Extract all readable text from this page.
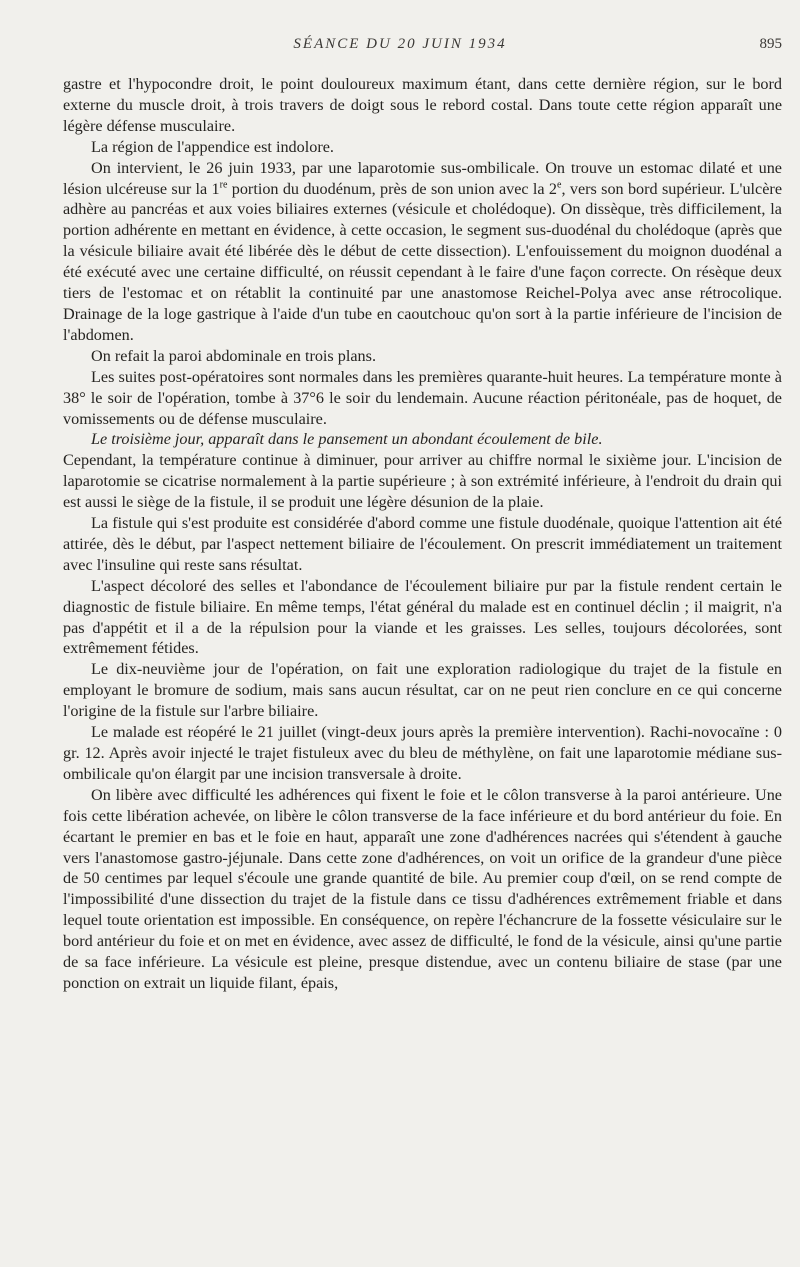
SÉANCE DU 20 JUIN 1934	895

gastre et l'hypocondre droit, le point douloureux maximum étant, dans cette dernière région, sur le bord externe du muscle droit, à trois travers de doigt sous le rebord costal. Dans toute cette région apparaît une légère défense musculaire.

La région de l'appendice est indolore.

On intervient, le 26 juin 1933, par une laparotomie sus-ombilicale. On trouve un estomac dilaté et une lésion ulcéreuse sur la 1re portion du duodénum, près de son union avec la 2e, vers son bord supérieur. L'ulcère adhère au pancréas et aux voies biliaires externes (vésicule et cholédoque). On dissèque, très difficilement, la portion adhérente en mettant en évidence, à cette occasion, le segment sus-duodénal du cholédoque (après que la vésicule biliaire avait été libérée dès le début de cette dissection). L'enfouissement du moignon duodénal a été exécuté avec une certaine difficulté, on réussit cependant à le faire d'une façon correcte. On résèque deux tiers de l'estomac et on rétablit la continuité par une anastomose Reichel-Polya avec anse rétrocolique. Drainage de la loge gastrique à l'aide d'un tube en caoutchouc qu'on sort à la partie inférieure de l'incision de l'abdomen.

On refait la paroi abdominale en trois plans.

Les suites post-opératoires sont normales dans les premières quarante-huit heures. La température monte à 38° le soir de l'opération, tombe à 37°6 le soir du lendemain. Aucune réaction péritonéale, pas de hoquet, de vomissements ou de défense musculaire.

Le troisième jour, apparaît dans le pansement un abondant écoulement de bile.

Cependant, la température continue à diminuer, pour arriver au chiffre normal le sixième jour. L'incision de laparotomie se cicatrise normalement à la partie supérieure ; à son extrémité inférieure, à l'endroit du drain qui est aussi le siège de la fistule, il se produit une légère désunion de la plaie.

La fistule qui s'est produite est considérée d'abord comme une fistule duodénale, quoique l'attention ait été attirée, dès le début, par l'aspect nettement biliaire de l'écoulement. On prescrit immédiatement un traitement avec l'insuline qui reste sans résultat.

L'aspect décoloré des selles et l'abondance de l'écoulement biliaire pur par la fistule rendent certain le diagnostic de fistule biliaire. En même temps, l'état général du malade est en continuel déclin ; il maigrit, n'a pas d'appétit et il a de la répulsion pour la viande et les graisses. Les selles, toujours décolorées, sont extrêmement fétides.

Le dix-neuvième jour de l'opération, on fait une exploration radiologique du trajet de la fistule en employant le bromure de sodium, mais sans aucun résultat, car on ne peut rien conclure en ce qui concerne l'origine de la fistule sur l'arbre biliaire.

Le malade est réopéré le 21 juillet (vingt-deux jours après la première intervention). Rachi-novocaïne : 0 gr. 12. Après avoir injecté le trajet fistuleux avec du bleu de méthylène, on fait une laparotomie médiane sus-ombilicale qu'on élargit par une incision transversale à droite.

On libère avec difficulté les adhérences qui fixent le foie et le côlon transverse à la paroi antérieure. Une fois cette libération achevée, on libère le côlon transverse de la face inférieure et du bord antérieur du foie. En écartant le premier en bas et le foie en haut, apparaît une zone d'adhérences nacrées qui s'étendent à gauche vers l'anastomose gastro-jéjunale. Dans cette zone d'adhérences, on voit un orifice de la grandeur d'une pièce de 50 centimes par lequel s'écoule une grande quantité de bile. Au premier coup d'œil, on se rend compte de l'impossibilité d'une dissection du trajet de la fistule dans ce tissu d'adhérences extrêmement friable et dans lequel toute orientation est impossible. En conséquence, on repère l'échancrure de la fossette vésiculaire sur le bord antérieur du foie et on met en évidence, avec assez de difficulté, le fond de la vésicule, ainsi qu'une partie de sa face inférieure. La vésicule est pleine, presque distendue, avec un contenu biliaire de stase (par une ponction on extrait un liquide filant, épais,
